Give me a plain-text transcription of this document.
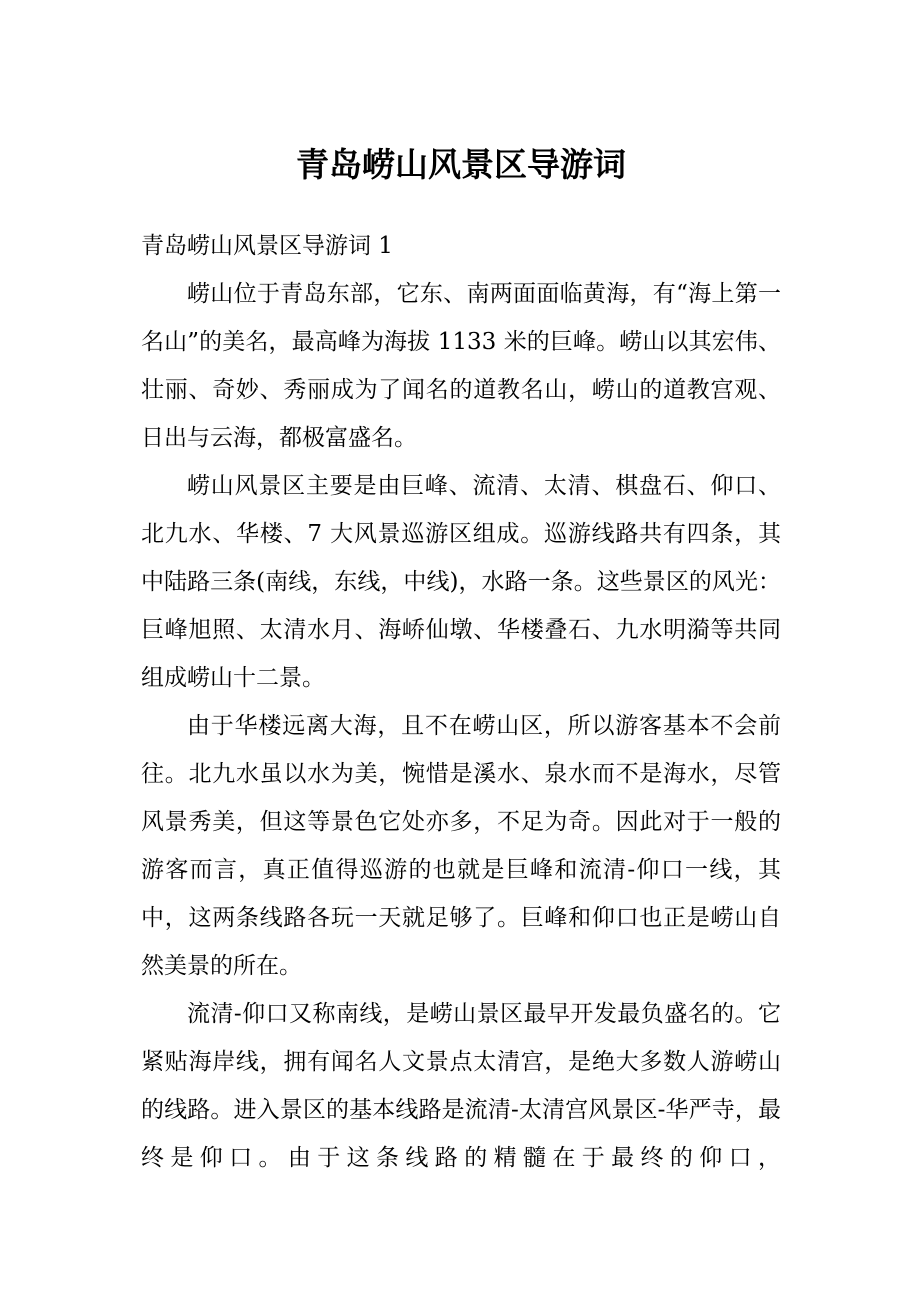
青岛崂山风景区导游词

青岛崂山风景区导游词 1

崂山位于青岛东部，它东、南两面面临黄海，有“海上第一名山”的美名，最高峰为海拔 1133 米的巨峰。崂山以其宏伟、壮丽、奇妙、秀丽成为了闻名的道教名山，崂山的道教宫观、日出与云海，都极富盛名。

崂山风景区主要是由巨峰、流清、太清、棋盘石、仰口、北九水、华楼、7 大风景巡游区组成。巡游线路共有四条，其中陆路三条(南线，东线，中线)，水路一条。这些景区的风光：巨峰旭照、太清水月、海峤仙墩、华楼叠石、九水明漪等共同组成崂山十二景。

由于华楼远离大海，且不在崂山区，所以游客基本不会前往。北九水虽以水为美，惋惜是溪水、泉水而不是海水，尽管风景秀美，但这等景色它处亦多，不足为奇。因此对于一般的游客而言，真正值得巡游的也就是巨峰和流清-仰口一线，其中，这两条线路各玩一天就足够了。巨峰和仰口也正是崂山自然美景的所在。

流清-仰口又称南线，是崂山景区最早开发最负盛名的。它紧贴海岸线，拥有闻名人文景点太清宫，是绝大多数人游崂山的线路。进入景区的基本线路是流清-太清宫风景区-华严寺，最终是仰口。由于这条线路的精髓在于最终的仰口，
